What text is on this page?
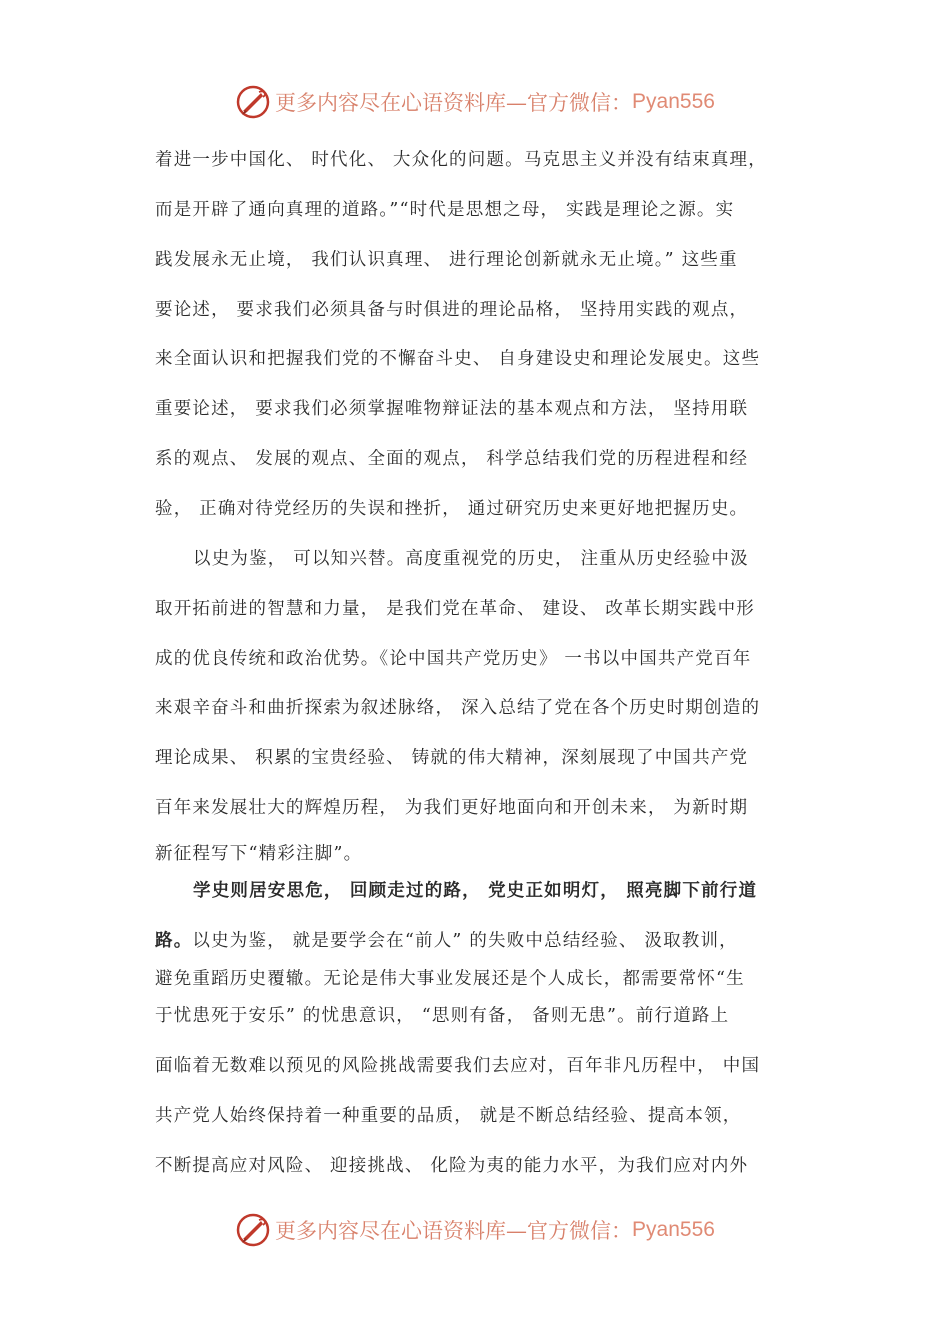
更多内容尽在心语资料库—官方微信： Pyan556
着进一步中国化、 时代化、 大众化的问题。马克思主义并没有结束真理，
而是开辟了通向真理的道路。”“时代是思想之母， 实践是理论之源。实
践发展永无止境， 我们认识真理、 进行理论创新就永无止境。” 这些重
要论述， 要求我们必须具备与时俱进的理论品格， 坚持用实践的观点，
来全面认识和把握我们党的不懈奋斗史、 自身建设史和理论发展史。这些
重要论述， 要求我们必须掌握唯物辩证法的基本观点和方法， 坚持用联
系的观点、 发展的观点、全面的观点， 科学总结我们党的历程进程和经
验， 正确对待党经历的失误和挫折， 通过研究历史来更好地把握历史。
以史为鉴， 可以知兴替。高度重视党的历史， 注重从历史经验中汲
取开拓前进的智慧和力量， 是我们党在革命、 建设、 改革长期实践中形
成的优良传统和政治优势。《论中国共产党历史》 一书以中国共产党百年
来艰辛奋斗和曲折探索为叙述脉络， 深入总结了党在各个历史时期创造的
理论成果、 积累的宝贵经验、 铸就的伟大精神，深刻展现了中国共产党
百年来发展壮大的辉煌历程， 为我们更好地面向和开创未来， 为新时期
新征程写下“精彩注脚”。
学史则居安思危， 回顾走过的路， 党史正如明灯， 照亮脚下前行道
路。以史为鉴， 就是要学会在“前人” 的失败中总结经验、 汲取教训，
避免重蹈历史覆辙。无论是伟大事业发展还是个人成长，都需要常怀“生
于忧患死于安乐” 的忧患意识， “思则有备， 备则无患”。前行道路上
面临着无数难以预见的风险挑战需要我们去应对，百年非凡历程中， 中国
共产党人始终保持着一种重要的品质， 就是不断总结经验、提高本领，
不断提高应对风险、 迎接挑战、 化险为夷的能力水平，为我们应对内外
更多内容尽在心语资料库—官方微信： Pyan556
